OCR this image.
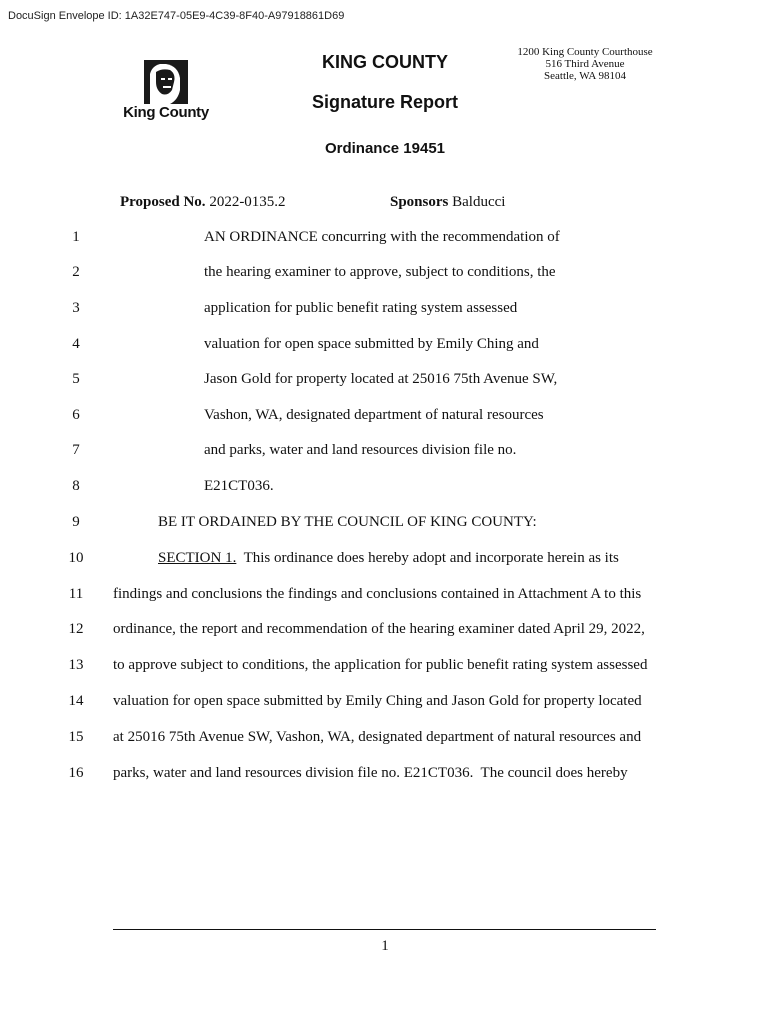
DocuSign Envelope ID: 1A32E747-05E9-4C39-8F40-A97918861D69
King County
KING COUNTY
Signature Report
Ordinance 19451
1200 King County Courthouse
516 Third Avenue
Seattle, WA 98104
Proposed No. 2022-0135.2	Sponsors Balducci
1	AN ORDINANCE concurring with the recommendation of
2	the hearing examiner to approve, subject to conditions, the
3	application for public benefit rating system assessed
4	valuation for open space submitted by Emily Ching and
5	Jason Gold for property located at 25016 75th Avenue SW,
6	Vashon, WA, designated department of natural resources
7	and parks, water and land resources division file no.
8	E21CT036.
9	BE IT ORDAINED BY THE COUNCIL OF KING COUNTY:
10	SECTION 1.  This ordinance does hereby adopt and incorporate herein as its
11	findings and conclusions the findings and conclusions contained in Attachment A to this
12	ordinance, the report and recommendation of the hearing examiner dated April 29, 2022,
13	to approve subject to conditions, the application for public benefit rating system assessed
14	valuation for open space submitted by Emily Ching and Jason Gold for property located
15	at 25016 75th Avenue SW, Vashon, WA, designated department of natural resources and
16	parks, water and land resources division file no. E21CT036.  The council does hereby
1
